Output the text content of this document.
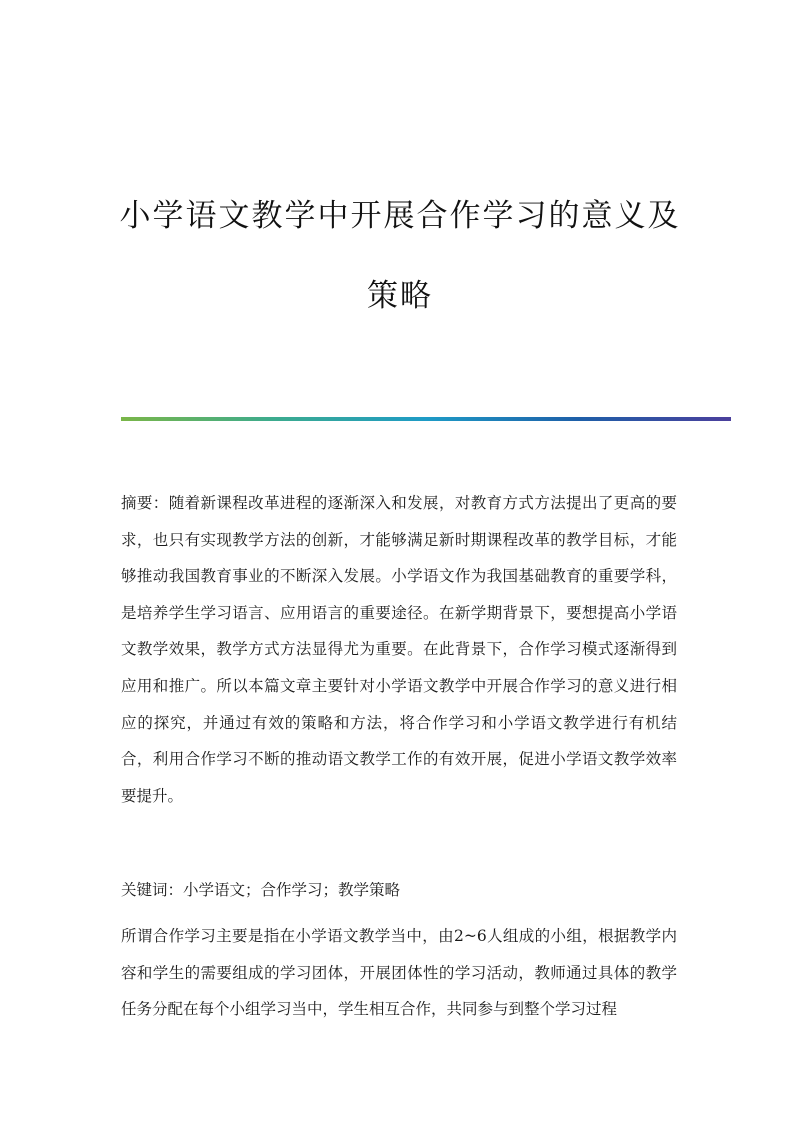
小学语文教学中开展合作学习的意义及
策略
摘要：随着新课程改革进程的逐渐深入和发展，对教育方式方法提出了更高的要求，也只有实现教学方法的创新，才能够满足新时期课程改革的教学目标，才能够推动我国教育事业的不断深入发展。小学语文作为我国基础教育的重要学科，是培养学生学习语言、应用语言的重要途径。在新学期背景下，要想提高小学语文教学效果，教学方式方法显得尤为重要。在此背景下，合作学习模式逐渐得到应用和推广。所以本篇文章主要针对小学语文教学中开展合作学习的意义进行相应的探究，并通过有效的策略和方法，将合作学习和小学语文教学进行有机结合，利用合作学习不断的推动语文教学工作的有效开展，促进小学语文教学效率要提升。
关键词：小学语文；合作学习；教学策略
所谓合作学习主要是指在小学语文教学当中，由2~6人组成的小组，根据教学内容和学生的需要组成的学习团体，开展团体性的学习活动，教师通过具体的教学任务分配在每个小组学习当中，学生相互合作，共同参与到整个学习过程
